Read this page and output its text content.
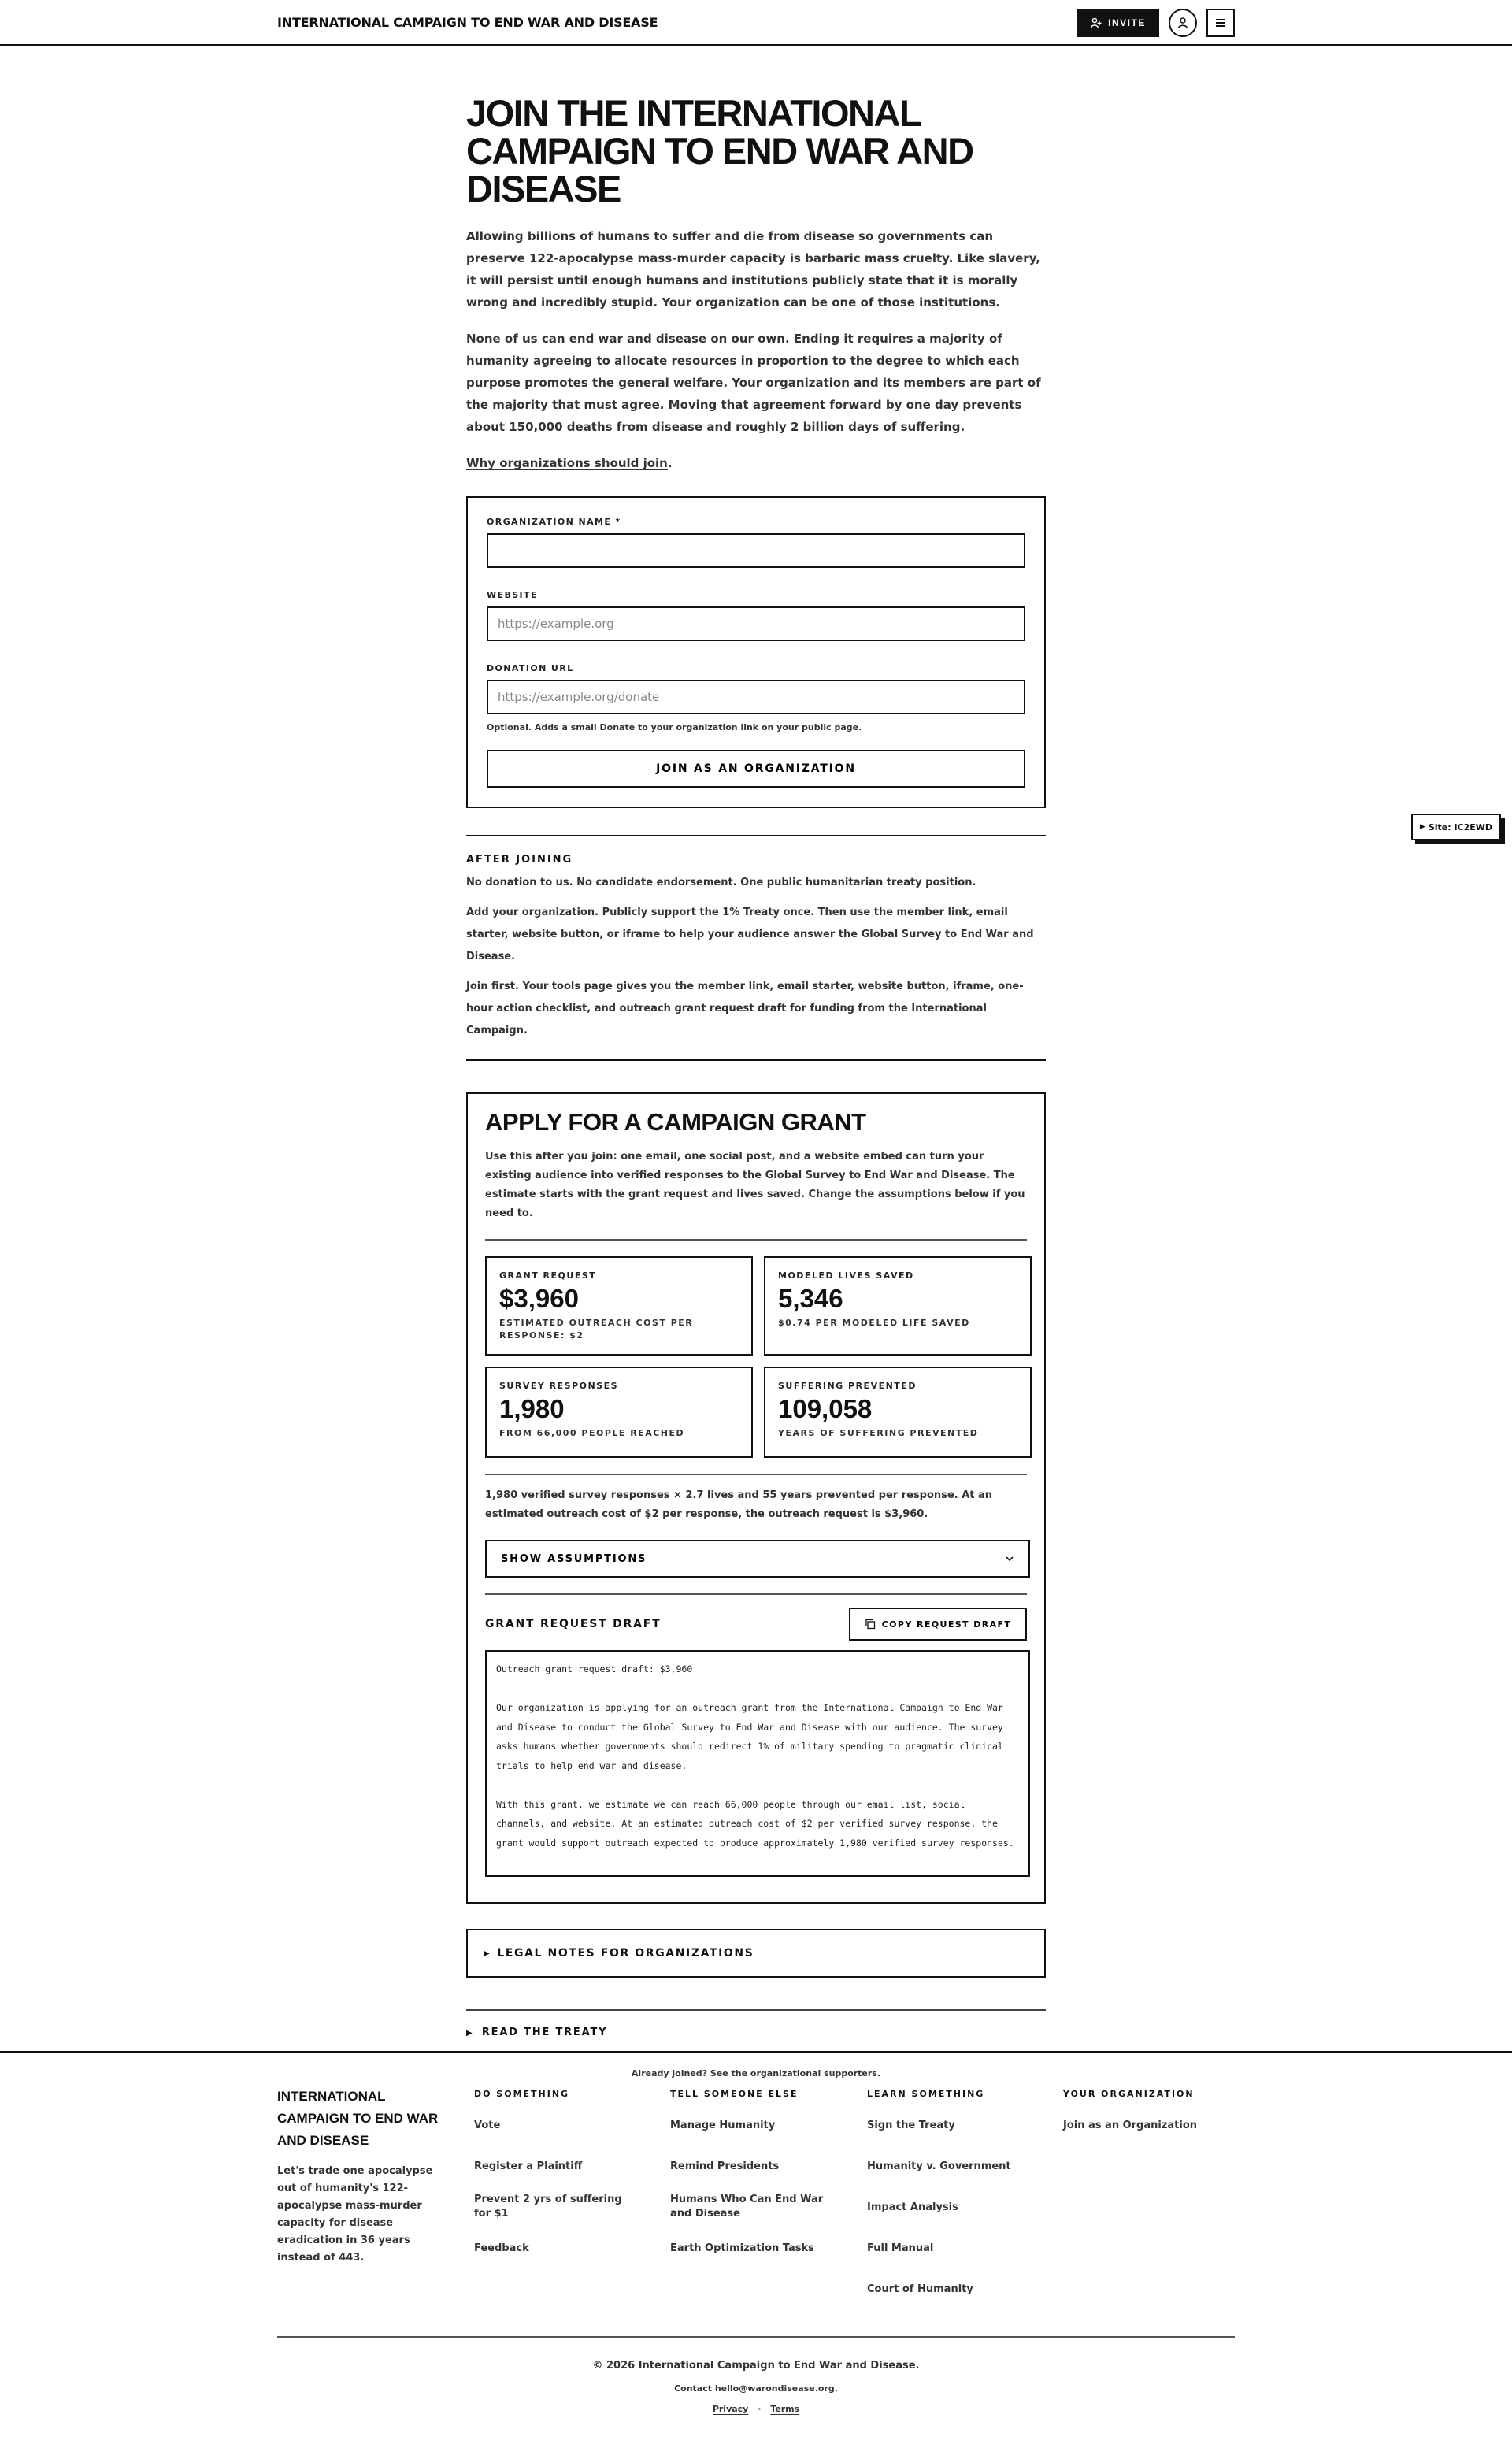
INTERNATIONAL CAMPAIGN TO END WAR AND DISEASE	INVITE
▶ Site: IC2EWD
JOIN THE INTERNATIONAL CAMPAIGN TO END WAR AND DISEASE

Allowing billions of humans to suffer and die from disease so governments can preserve 122-apocalypse mass-murder capacity is barbaric mass cruelty. Like slavery, it will persist until enough humans and institutions publicly state that it is morally wrong and incredibly stupid. Your organization can be one of those institutions.

None of us can end war and disease on our own. Ending it requires a majority of humanity agreeing to allocate resources in proportion to the degree to which each purpose promotes the general welfare. Your organization and its members are part of the majority that must agree. Moving that agreement forward by one day prevents about 150,000 deaths from disease and roughly 2 billion days of suffering.

Why organizations should join.

ORGANIZATION NAME *
WEBSITE
https://example.org
DONATION URL
https://example.org/donate
Optional. Adds a small Donate to your organization link on your public page.
JOIN AS AN ORGANIZATION
AFTER JOINING

No donation to us. No candidate endorsement. One public humanitarian treaty position.

Add your organization. Publicly support the 1% Treaty once. Then use the member link, email starter, website button, or iframe to help your audience answer the Global Survey to End War and Disease.

Join first. Your tools page gives you the member link, email starter, website button, iframe, one-hour action checklist, and outreach grant request draft for funding from the International Campaign.

APPLY FOR A CAMPAIGN GRANT

Use this after you join: one email, one social post, and a website embed can turn your existing audience into verified responses to the Global Survey to End War and Disease. The estimate starts with the grant request and lives saved. Change the assumptions below if you need to.

GRANT REQUEST
$3,960
ESTIMATED OUTREACH COST PER RESPONSE: $2
MODELED LIVES SAVED
5,346
$0.74 PER MODELED LIFE SAVED
SURVEY RESPONSES
1,980
FROM 66,000 PEOPLE REACHED
SUFFERING PREVENTED
109,058
YEARS OF SUFFERING PREVENTED

1,980 verified survey responses × 2.7 lives and 55 years prevented per response. At an estimated outreach cost of $2 per response, the outreach request is $3,960.

SHOW ASSUMPTIONS
GRANT REQUEST DRAFT	COPY REQUEST DRAFT
Outreach grant request draft: $3,960 Our organization is applying for an outreach grant from the International Campaign to End War and Disease to conduct the Global Survey to End War and Disease with our audience. The survey asks humans whether governments should redirect 1% of military spending to pragmatic clinical trials to help end war and disease. With this grant, we estimate we can reach 66,000 people through our email list, social channels, and website. At an estimated outreach cost of $2 per verified survey response, the grant would support outreach expected to produce approximately 1,980 verified survey responses.
▶ LEGAL NOTES FOR ORGANIZATIONS
▶ READ THE TREATY

Already joined? See the organizational supporters.

INTERNATIONAL CAMPAIGN TO END WAR AND DISEASE
Let's trade one apocalypse out of humanity's 122-apocalypse mass-murder capacity for disease eradication in 36 years instead of 443.
DO SOMETHING
Vote
Register a Plaintiff
Prevent 2 yrs of suffering for $1
Feedback
TELL SOMEONE ELSE
Manage Humanity
Remind Presidents
Humans Who Can End War and Disease
Earth Optimization Tasks
LEARN SOMETHING
Sign the Treaty
Humanity v. Government
Impact Analysis
Full Manual
Court of Humanity
YOUR ORGANIZATION
Join as an Organization
© 2026 International Campaign to End War and Disease.
Contact hello@warondisease.org.
Privacy · Terms
